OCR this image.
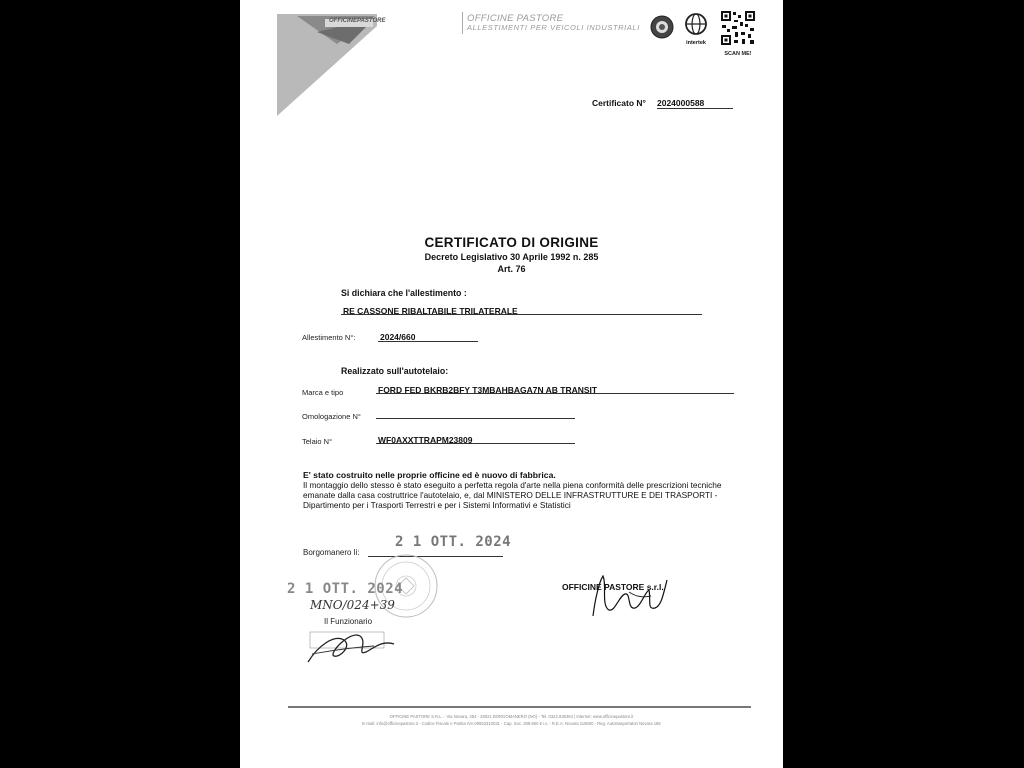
OFFICINE PASTORE	OFFICINE PASTORE
ALLESTIMENTI PER VEICOLI INDUSTRIALI
intertek
SCAN ME!
Certificato N° 2024000588
CERTIFICATO DI ORIGINE
Decreto Legislativo 30 Aprile 1992 n. 285
Art. 76
Si dichiara che l'allestimento :
RE CASSONE RIBALTABILE TRILATERALE
Allestimento N°:	2024/660
Realizzato sull'autotelaio:
Marca e tipo	FORD FED BKRB2BFY T3MBAHBAGA7N AB TRANSIT
Omologazione N°
Telaio N°	WF0AXXTTRAPM23809
E' stato costruito nelle proprie officine ed è nuovo di fabbrica.
Il montaggio dello stesso è stato eseguito a perfetta regola d'arte nella piena conformità delle prescrizioni tecniche emanate dalla casa costruttrice l'autotelaio, e, dal MINISTERO DELLE INFRASTRUTTURE E DEI TRASPORTI - Dipartimento per i Trasporti Terrestri e per i Sistemi Informativi e Statistici
Borgomanero li:
2 1 OTT. 2024
2 1 OTT. 2024
MNO/024+39
Il Funzionario
OFFICINE PASTORE s.r.l.
OFFICINE PASTORE S.R.L. - Via Novara, 254 - 28021 BORGOMANERO (NO) - Tel. 0322.835354 | Internet: www.officinepastore.it
E-mail: info@officinepastore.it - Codice Fiscale e Partita IVA 00652310031 - Cap. Soc. 309.800 € i.v. - R.E.A. Novara 115600 - Reg. Autotrasportatori Novara 186
